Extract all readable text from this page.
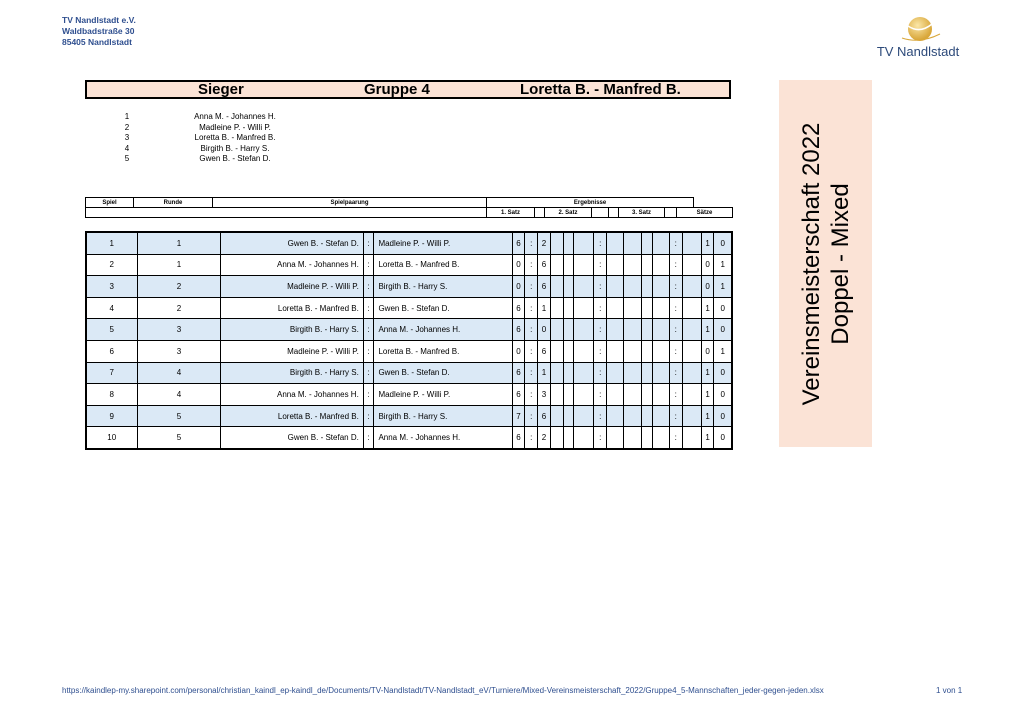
TV Nandlstadt e.V.
Waldbadstraße 30
85405 Nandlstadt
TV Nandlstadt
Sieger	Gruppe 4	Loretta B. - Manfred B.
1	Anna M. - Johannes H.
2	Madleine P. - Willi P.
3	Loretta B. - Manfred B.
4	Birgith B. - Harry S.
5	Gwen B. - Stefan D.	Vereinsmeisterschaft 2022 Doppel - Mixed
Spiel	Runde	Spielpaarung	Ergebnisse							
			1. Satz		2. Satz			3. Satz		Sätze
1	1	Gwen B. - Stefan D.	:	Madleine P. - Willi P.	6	:	2				:					:		1	0
2	1	Anna M. - Johannes H.	:	Loretta B. - Manfred B.	0	:	6				:					:		0	1
3	2	Madleine P. - Willi P.	:	Birgith B. - Harry S.	0	:	6				:					:		0	1
4	2	Loretta B. - Manfred B.	:	Gwen B. - Stefan D.	6	:	1				:					:		1	0
5	3	Birgith B. - Harry S.	:	Anna M. - Johannes H.	6	:	0				:					:		1	0
6	3	Madleine P. - Willi P.	:	Loretta B. - Manfred B.	0	:	6				:					:		0	1
7	4	Birgith B. - Harry S.	:	Gwen B. - Stefan D.	6	:	1				:					:		1	0
8	4	Anna M. - Johannes H.	:	Madleine P. - Willi P.	6	:	3				:					:		1	0
9	5	Loretta B. - Manfred B.	:	Birgith B. - Harry S.	7	:	6				:					:		1	0
10	5	Gwen B. - Stefan D.	:	Anna M. - Johannes H.	6	:	2				:					:		1	0
https://kaindlep-my.sharepoint.com/personal/christian_kaindl_ep-kaindl_de/Documents/TV-Nandlstadt/TV-Nandlstadt_eV/Turniere/Mixed-Vereinsmeisterschaft_2022/Gruppe4_5-Mannschaften_jeder-gegen-jeden.xlsx	1 von 1
